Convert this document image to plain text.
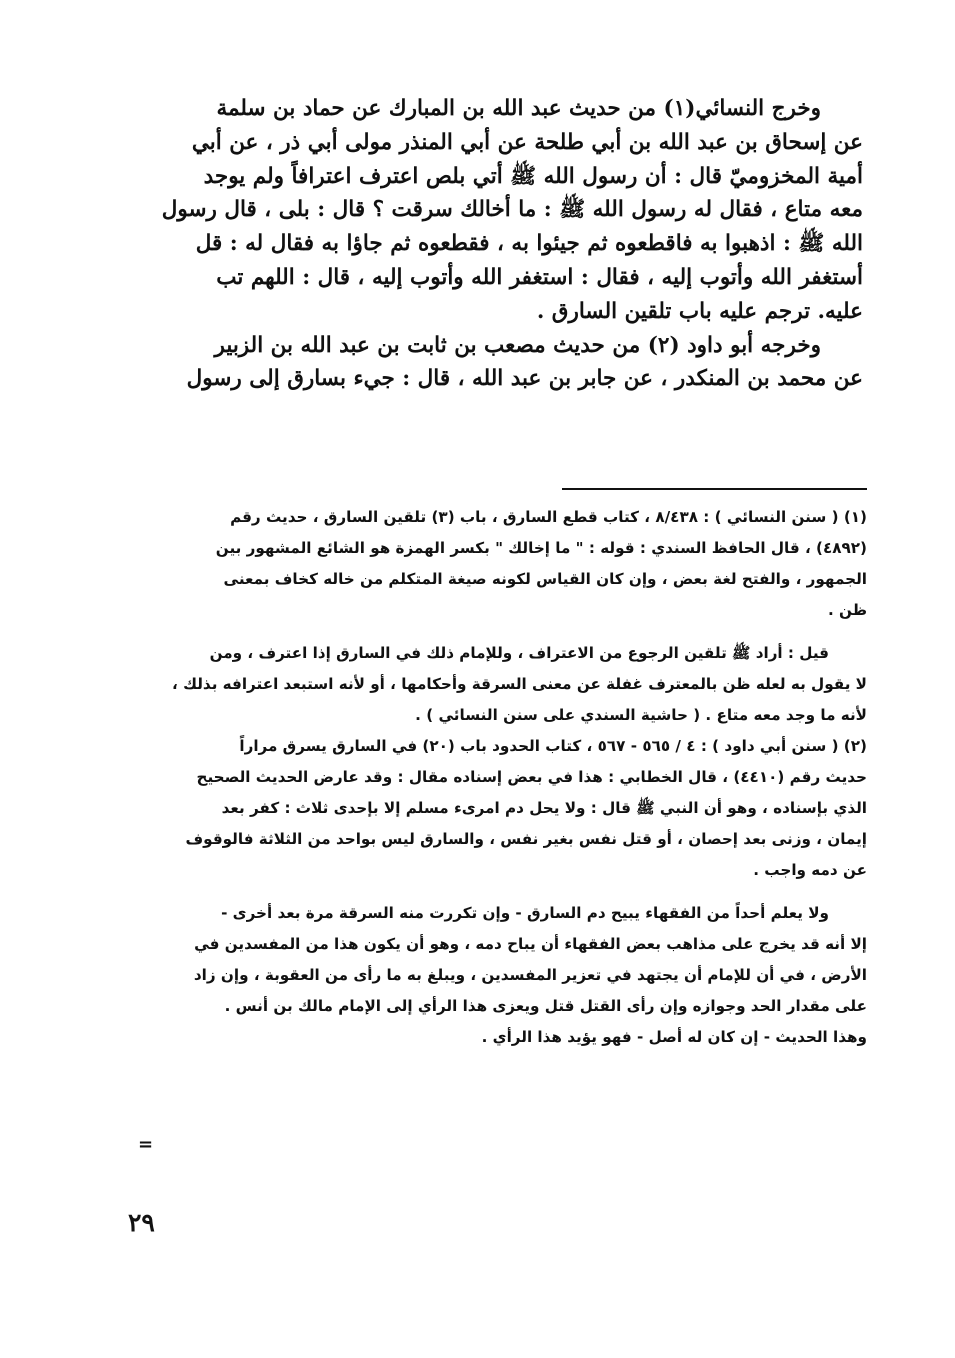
وخرج النسائي(١) من حديث عبد الله بن المبارك عن حماد بن سلمة
عن إسحاق بن عبد الله بن أبي طلحة عن أبي المنذر مولى أبي ذر ، عن أبي
أمية المخزوميّ قال : أن رسول الله ﷺ أتي بلص اعترف اعترافاً ولم يوجد
معه متاع ، فقال له رسول الله ﷺ : ما أخالك سرقت ؟ قال : بلى ، قال رسول
الله ﷺ : اذهبوا به فاقطعوه ثم جيئوا به ، فقطعوه ثم جاؤا به فقال له : قل
أستغفر الله وأتوب إليه ، فقال : استغفر الله وأتوب إليه ، قال : اللهم تب
عليه. ترجم عليه باب تلقين السارق .

وخرجه أبو داود (٢) من حديث مصعب بن ثابت بن عبد الله بن الزبير
عن محمد بن المنكدر ، عن جابر بن عبد الله ، قال : جيء بسارق إلى رسول

(١) ( سنن النسائي ) : ٨/٤٣٨ ، كتاب قطع السارق ، باب (٣) تلقين السارق ، حديث رقم
(٤٨٩٢) ، قال الحافظ السندي : قوله : " ما إخالك " بكسر الهمزة هو الشائع المشهور بين
الجمهور ، والفتح لغة بعض ، وإن كان القياس لكونه صيغة المتكلم من خاله كخاف بمعنى
ظن .

قيل : أراد ﷺ تلقين الرجوع من الاعتراف ، وللإمام ذلك في السارق إذا اعترف ، ومن
لا يقول به لعله ظن بالمعترف غفلة عن معنى السرقة وأحكامها ، أو لأنه استبعد اعترافه بذلك ،
لأنه ما وجد معه متاع . ( حاشية السندي على سنن النسائي ) .

(٢) ( سنن أبي داود ) : ٤ / ٥٦٥ - ٥٦٧ ، كتاب الحدود باب (٢٠) في السارق يسرق مراراً
حديث رقم (٤٤١٠) ، قال الخطابي : هذا في بعض إسناده مقال : وقد عارض الحديث الصحيح
الذي بإسناده ، وهو أن النبي ﷺ قال : ولا يحل دم امرىء مسلم إلا بإحدى ثلاث : كفر بعد
إيمان ، وزنى بعد إحصان ، أو قتل نفس بغير نفس ، والسارق ليس بواحد من الثلاثة فالوقوف
عن دمه واجب .

ولا يعلم أحداً من الفقهاء يبيح دم السارق - وإن تكررت منه السرقة مرة بعد أخرى -
إلا أنه قد يخرج على مذاهب بعض الفقهاء أن يباح دمه ، وهو أن يكون هذا من المفسدين في
الأرض ، في أن للإمام أن يجتهد في تعزير المفسدين ، ويبلغ به ما رأى من العقوبة ، وإن زاد
على مقدار الحد وجوازه وإن رأى القتل قتل ويعزى هذا الرأي إلى الإمام مالك بن أنس .
وهذا الحديث - إن كان له أصل - فهو يؤيد هذا الرأي .

=
٢٩
